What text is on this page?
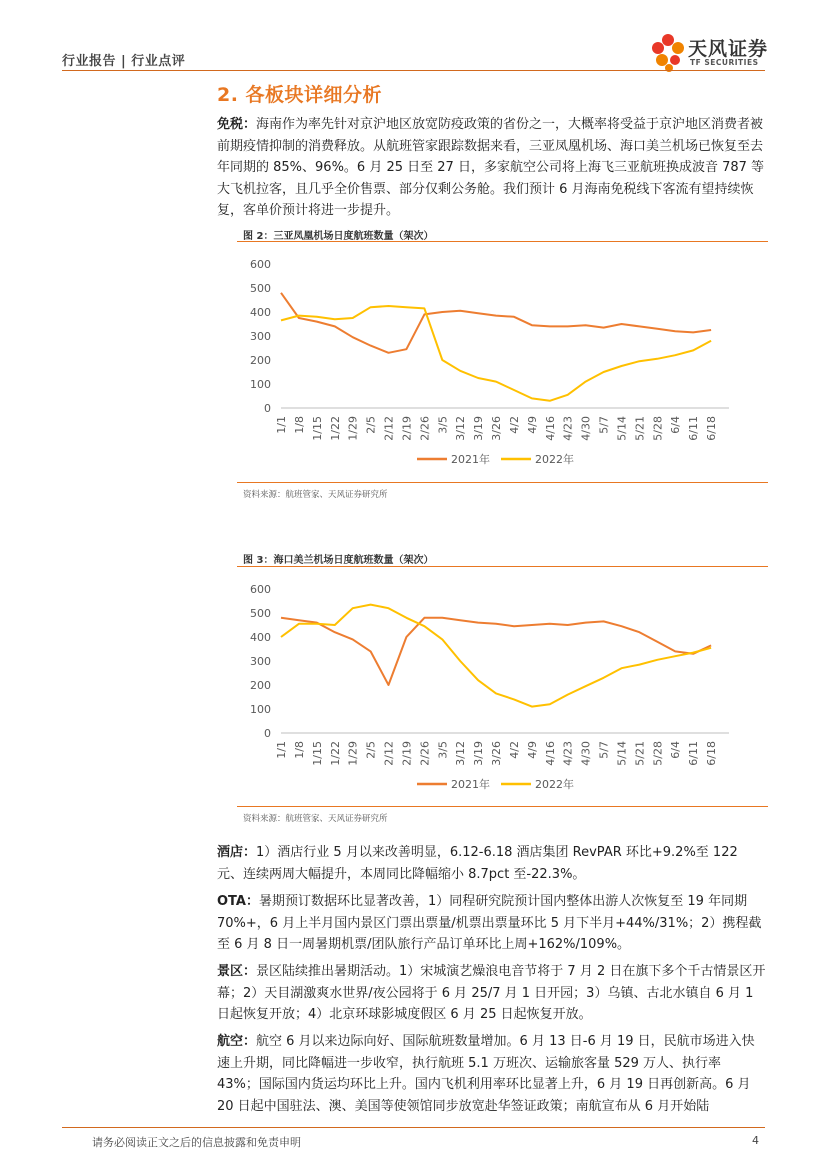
行业报告 | 行业点评
天风证券
TF SECURITIES
2. 各板块详细分析
免税：海南作为率先针对京沪地区放宽防疫政策的省份之一，大概率将受益于京沪地区消费者被前期疫情抑制的消费释放。从航班管家跟踪数据来看，三亚凤凰机场、海口美兰机场已恢复至去年同期的 85%、96%。6 月 25 日至 27 日，多家航空公司将上海飞三亚航班换成波音 787 等大飞机拉客，且几乎全价售票、部分仅剩公务舱。我们预计 6 月海南免税线下客流有望持续恢复，客单价预计将进一步提升。
图 2：三亚凤凰机场日度航班数量（架次）
0
100
200
300
400
500
600
1/1 1/8 1/15 1/22 1/29 2/5 2/12 2/19 2/26 3/5 3/12 3/19 3/26 4/2 4/9 4/16 4/23 4/30 5/7 5/14 5/21 5/28 6/4 6/11 6/18
2021年	2022年
资料来源：航班管家、天风证券研究所
图 3：海口美兰机场日度航班数量（架次）
0
100
200
300
400
500
600
1/1 1/8 1/15 1/22 1/29 2/5 2/12 2/19 2/26 3/5 3/12 3/19 3/26 4/2 4/9 4/16 4/23 4/30 5/7 5/14 5/21 5/28 6/4 6/11 6/18
2021年	2022年
资料来源：航班管家、天风证券研究所
酒店：1）酒店行业 5 月以来改善明显，6.12-6.18 酒店集团 RevPAR 环比+9.2%至 122 元、连续两周大幅提升，本周同比降幅缩小 8.7pct 至-22.3%。
OTA：暑期预订数据环比显著改善，1）同程研究院预计国内整体出游人次恢复至 19 年同期 70%+，6 月上半月国内景区门票出票量/机票出票量环比 5 月下半月+44%/31%；2）携程截至 6 月 8 日一周暑期机票/团队旅行产品订单环比上周+162%/109%。
景区：景区陆续推出暑期活动。1）宋城演艺燥浪电音节将于 7 月 2 日在旗下多个千古情景区开幕；2）天目湖激爽水世界/夜公园将于 6 月 25/7 月 1 日开园；3）乌镇、古北水镇自 6 月 1 日起恢复开放；4）北京环球影城度假区 6 月 25 日起恢复开放。
航空：航空 6 月以来边际向好、国际航班数量增加。6 月 13 日-6 月 19 日，民航市场进入快速上升期，同比降幅进一步收窄，执行航班 5.1 万班次、运输旅客量 529 万人、执行率 43%；国际国内货运均环比上升。国内飞机利用率环比显著上升，6 月 19 日再创新高。6 月 20 日起中国驻法、澳、美国等使领馆同步放宽赴华签证政策；南航宣布从 6 月开始陆
请务必阅读正文之后的信息披露和免责申明	4
